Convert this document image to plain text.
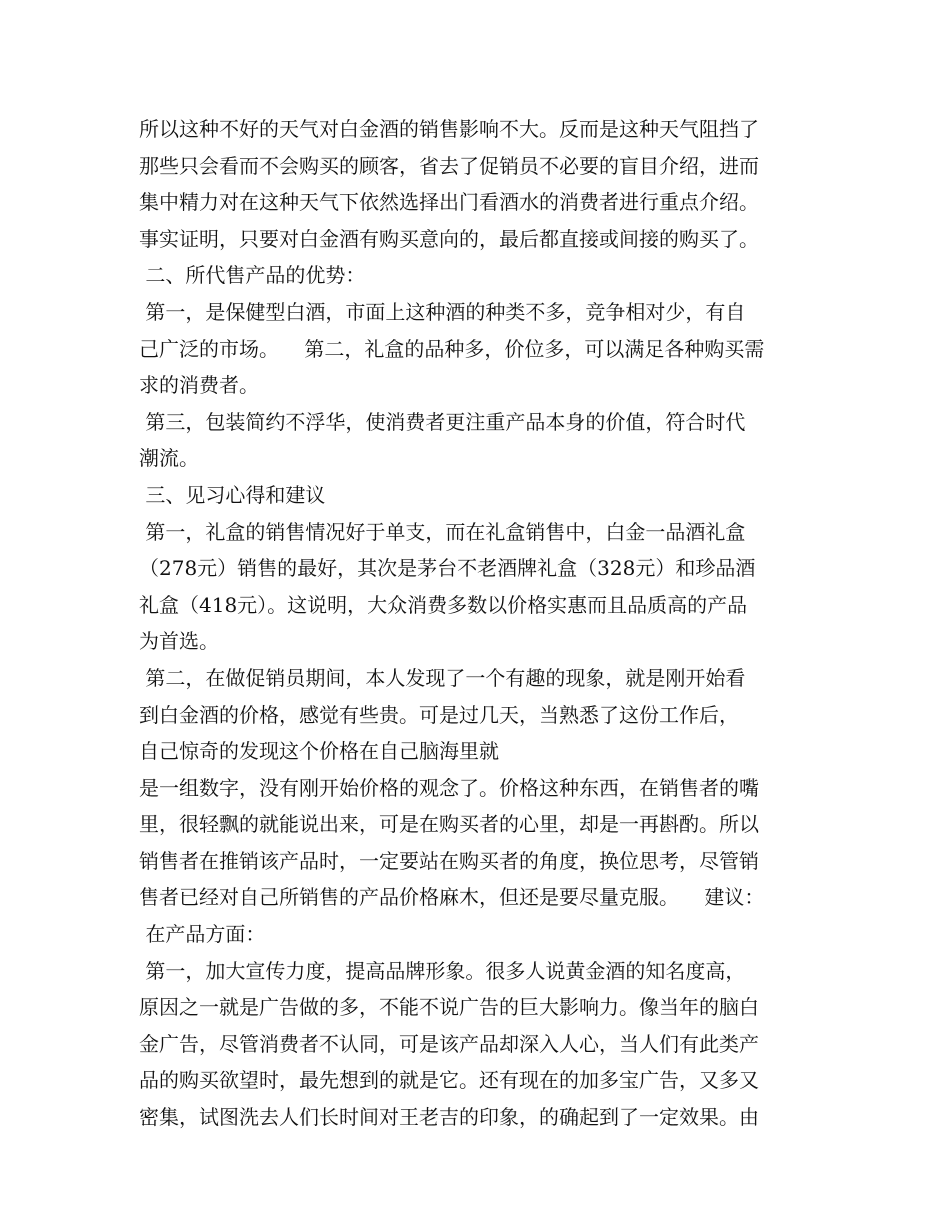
所以这种不好的天气对白金酒的销售影响不大。反而是这种天气阻挡了
那些只会看而不会购买的顾客，省去了促销员不必要的盲目介绍，进而
集中精力对在这种天气下依然选择出门看酒水的消费者进行重点介绍。
事实证明，只要对白金酒有购买意向的，最后都直接或间接的购买了。
二、所代售产品的优势：
第一，是保健型白酒，市面上这种酒的种类不多，竞争相对少，有自
己广泛的市场。    第二，礼盒的品种多，价位多，可以满足各种购买需
求的消费者。
第三，包装简约不浮华，使消费者更注重产品本身的价值，符合时代
潮流。
三、见习心得和建议
第一，礼盒的销售情况好于单支，而在礼盒销售中，白金一品酒礼盒
（278元）销售的最好，其次是茅台不老酒牌礼盒（328元）和珍品酒
礼盒（418元）。这说明，大众消费多数以价格实惠而且品质高的产品
为首选。
第二，在做促销员期间，本人发现了一个有趣的现象，就是刚开始看
到白金酒的价格，感觉有些贵。可是过几天，当熟悉了这份工作后，
自己惊奇的发现这个价格在自己脑海里就
是一组数字，没有刚开始价格的观念了。价格这种东西，在销售者的嘴
里，很轻飘的就能说出来，可是在购买者的心里，却是一再斟酌。所以
销售者在推销该产品时，一定要站在购买者的角度，换位思考，尽管销
售者已经对自己所销售的产品价格麻木，但还是要尽量克服。    建议：
在产品方面：
第一，加大宣传力度，提高品牌形象。很多人说黄金酒的知名度高，
原因之一就是广告做的多，不能不说广告的巨大影响力。像当年的脑白
金广告，尽管消费者不认同，可是该产品却深入人心，当人们有此类产
品的购买欲望时，最先想到的就是它。还有现在的加多宝广告，又多又
密集，试图洗去人们长时间对王老吉的印象，的确起到了一定效果。由
